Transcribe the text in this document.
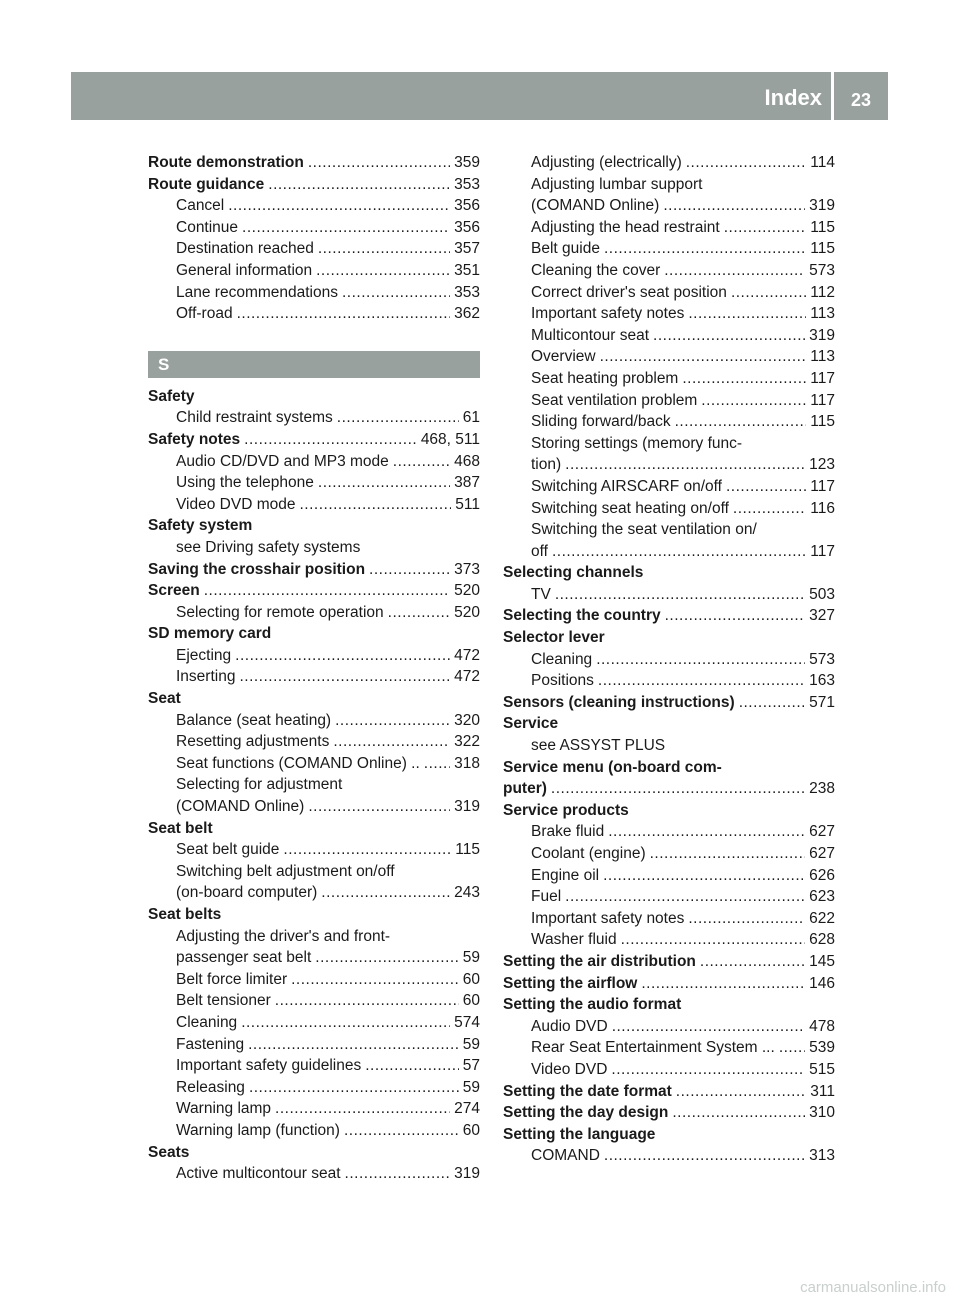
Index	23
Route demonstration .....	359
Route guidance .....	353
Cancel .....	356
Continue .....	356
Destination reached .....	357
General information .....	351
Lane recommendations .....	353
Off-road .....	362
S
Safety
Child restraint systems .....	61
Safety notes .....	468, 511
Audio CD/DVD and MP3 mode .....	468
Using the telephone .....	387
Video DVD mode .....	511
Safety system
see Driving safety systems
Saving the crosshair position .....	373
Screen .....	520
Selecting for remote operation .....	520
SD memory card
Ejecting .....	472
Inserting .....	472
Seat
Balance (seat heating) .....	320
Resetting adjustments .....	322
Seat functions (COMAND Online) .. ..... 318
Selecting for adjustment
(COMAND Online) .....	319
Seat belt
Seat belt guide .....	115
Switching belt adjustment on/off
(on-board computer) .....	243
Seat belts
Adjusting the driver's and front-
passenger seat belt .....	59
Belt force limiter .....	60
Belt tensioner .....	60
Cleaning .....	574
Fastening .....	59
Important safety guidelines .....	57
Releasing .....	59
Warning lamp .....	274
Warning lamp (function) .....	60
Seats
Active multicontour seat .....	319
Adjusting (electrically) .....	114
Adjusting lumbar support
(COMAND Online) .....	319
Adjusting the head restraint .....	115
Belt guide .....	115
Cleaning the cover .....	573
Correct driver's seat position .....	112
Important safety notes .....	113
Multicontour seat .....	319
Overview .....	113
Seat heating problem .....	117
Seat ventilation problem .....	117
Sliding forward/back .....	115
Storing settings (memory func-
tion) .....	123
Switching AIRSCARF on/off .....	117
Switching seat heating on/off .....	116
Switching the seat ventilation on/
off .....	117
Selecting channels
TV .....	503
Selecting the country .....	327
Selector lever
Cleaning .....	573
Positions .....	163
Sensors (cleaning instructions) .....	571
Service
see ASSYST PLUS
Service menu (on-board com-
puter) .....	238
Service products
Brake fluid .....	627
Coolant (engine) .....	627
Engine oil .....	626
Fuel .....	623
Important safety notes .....	622
Washer fluid .....	628
Setting the air distribution .....	145
Setting the airflow .....	146
Setting the audio format
Audio DVD .....	478
Rear Seat Entertainment System ... ..... 539
Video DVD .....	515
Setting the date format .....	311
Setting the day design .....	310
Setting the language
COMAND .....	313
carmanualsonline.info
